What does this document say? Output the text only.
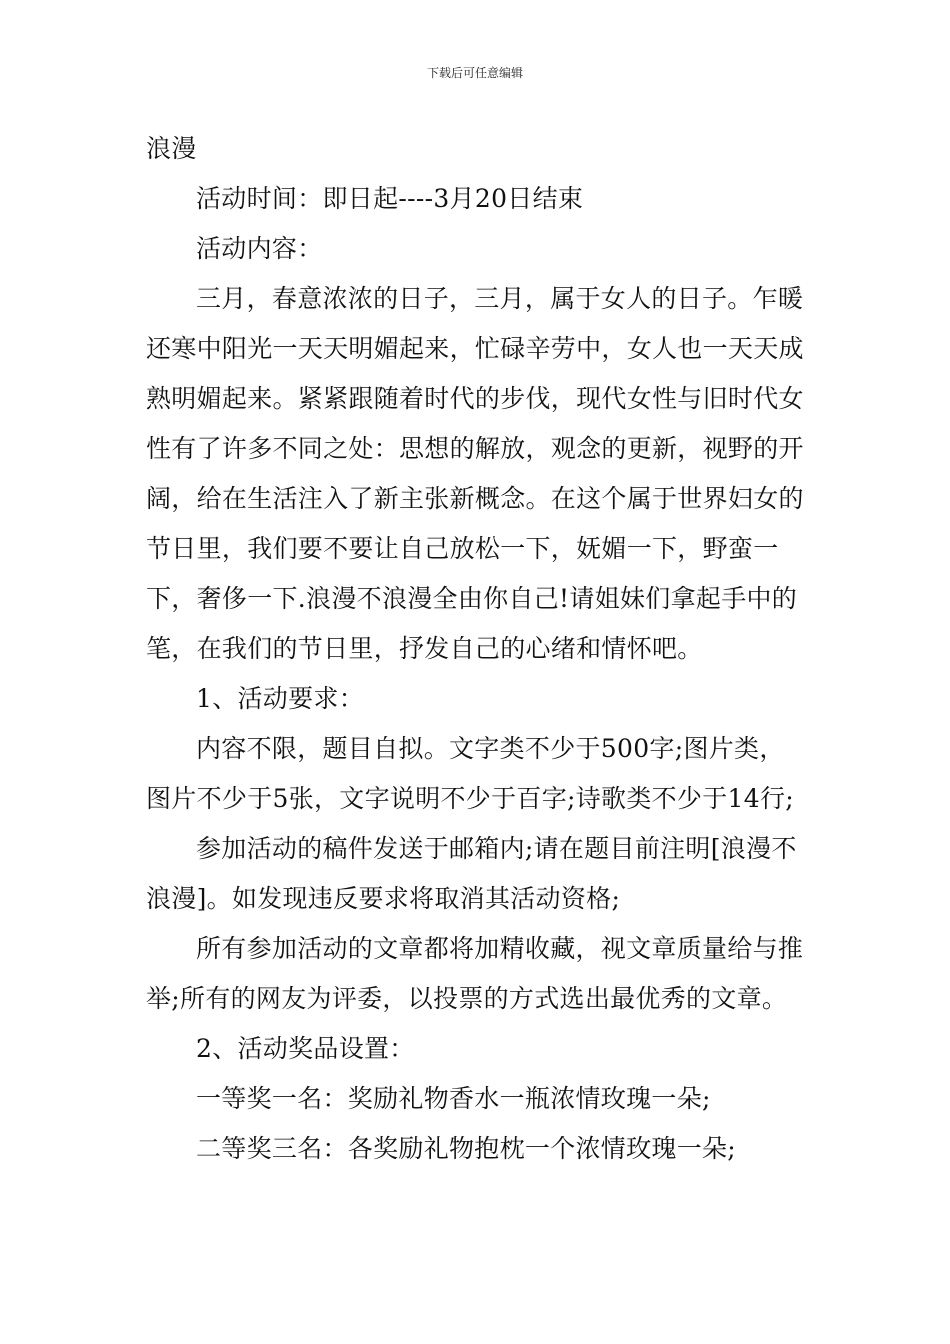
下载后可任意编辑

浪漫

活动时间：即日起----3月20日结束

活动内容：

三月，春意浓浓的日子，三月，属于女人的日子。乍暖还寒中阳光一天天明媚起来，忙碌辛劳中，女人也一天天成熟明媚起来。紧紧跟随着时代的步伐，现代女性与旧时代女性有了许多不同之处：思想的解放，观念的更新，视野的开阔，给在生活注入了新主张新概念。在这个属于世界妇女的节日里，我们要不要让自己放松一下，妩媚一下，野蛮一下，奢侈一下.浪漫不浪漫全由你自己!请姐妹们拿起手中的笔，在我们的节日里，抒发自己的心绪和情怀吧。

1、活动要求：

内容不限，题目自拟。文字类不少于500字;图片类，图片不少于5张，文字说明不少于百字;诗歌类不少于14行;

参加活动的稿件发送于邮箱内;请在题目前注明[浪漫不浪漫]。如发现违反要求将取消其活动资格;

所有参加活动的文章都将加精收藏，视文章质量给与推举;所有的网友为评委，以投票的方式选出最优秀的文章。

2、活动奖品设置：

一等奖一名：奖励礼物香水一瓶浓情玫瑰一朵;

二等奖三名：各奖励礼物抱枕一个浓情玫瑰一朵;
